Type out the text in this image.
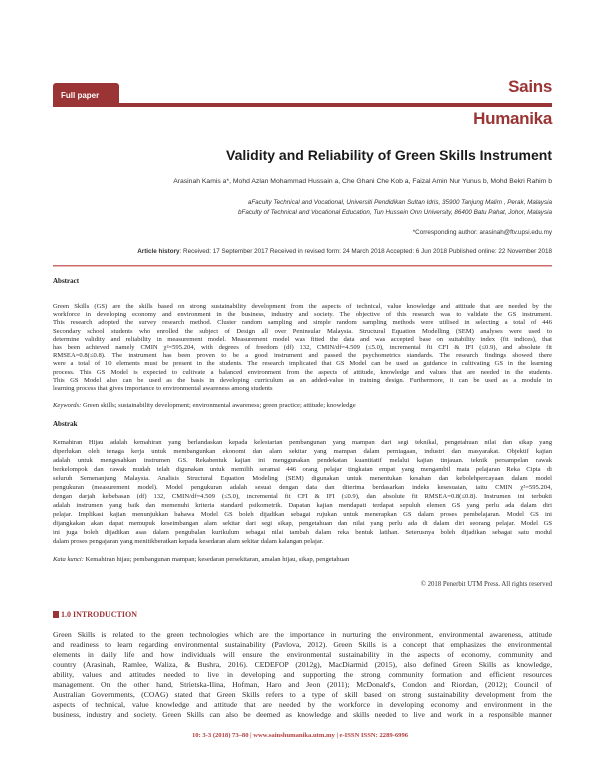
Full paper	Sains
Humanika
Validity and Reliability of Green Skills Instrument
Arasinah Kamis a*, Mohd Azlan Mohammad Hussain a, Che Ghani Che Kob a, Faizal Amin Nur Yunus b, Mohd Bekri Rahim b
aFaculty Technical and Vocational, Universiti Pendidikan Sultan Idris, 35900 Tanjung Malim , Perak, Malaysia
bFaculty of Technical and Vocational Education, Tun Hussein Onn University, 86400 Batu Pahat, Johor, Malaysia
*Corresponding author: arasinah@ftv.upsi.edu.my
Article history: Received: 17 September 2017 Received in revised form: 24 March 2018 Accepted: 6 Jun 2018 Published online: 22 November 2018
Abstract
Green Skills (GS) are the skills based on strong sustainability development from the aspects of technical, value knowledge and attitude that are needed by the
workforce in developing economy and environment in the business, industry and society. The objective of this research was to validate the GS instrument.
This research adopted the survey research method. Cluster random sampling and simple random sampling methods were utilised in selecting a total of 446
Secondary school students who enrolled the subject of Design all over Peninsular Malaysia. Structural Equation Modelling (SEM) analyses were used to
determine validity and reliability in measurement model. Measurement model was fitted the data and was accepted base on suitability index (fit indices), that
has been achieved namely CMIN χ²=595.204, with degrees of freedom (df) 132, CMIN/df=4.509 (≤5.0), incremental fit CFI & IFI (≤0.9), and absolute fit
RMSEA=0.8(≤0.8). The instrument has been proven to be a good instrument and passed the psychometrics standards. The research findings showed there
were a total of 10 elements must be present in the students. The research implicated that GS Model can be used as guidance in cultivating GS in the learning
process. This GS Model is expected to cultivate a balanced environment from the aspects of attitude, knowledge and values that are needed in the students.
This GS Model also can be used as the basis in developing curriculum as an added-value in training design. Furthermore, it can be used as a module in
learning process that gives importance to environmental awareness among students
Keywords: Green skills; sustainability development; environmental awareness; green practice; attitude; knowledge
Abstrak
Kemahiran Hijau adalah kemahiran yang berlandaskan kepada kelestarian pembangunan yang mampan dari segi teknikal, pengetahuan nilai dan sikap yang
diperlukan oleh tenaga kerja untuk membangunkan ekonomi dan alam sekitar yang mampan dalam perniagaan, industri dan masyarakat. Objektif kajian
adalah untuk mengesahkan instrumen GS. Rekabentuk kajian ini menggunakan pendekatan kuantitatif melalui kajian tinjauan. teknik persampelan rawak
berkelompok dan rawak mudah telah digunakan untuk memilih seramai 446 orang pelajar tingkatan empat yang mengambil mata pelajaran Reka Cipta di
seluruh Semenanjung Malaysia. Analisis Structural Equation Modeling (SEM) digunakan untuk menentukan kesahan dan kebolehpercayaan dalam model
pengukuran (measurement model). Model pengukuran adalah sesuai dengan data dan diterima berdasarkan indeks kesesuaian, iaitu CMIN χ²=595.204,
dengan darjah kebebasan (df) 132, CMIN/df=4.509 (≤5.0), incremental fit CFI & IFI (≤0.9), dan absolute fit RMSEA=0.8(≤0.8). Instrumen ini terbukti
adalah instrumen yang baik dan memenuhi kriteria standard psikometrik. Dapatan kajian mendapati terdapat sepuluh elemen GS yang perlu ada dalam diri
pelajar. Implikasi kajian menunjukkan bahawa Model GS boleh dijadikan sebagai rujukan untuk menerapkan GS dalam proses pembelajaran. Model GS ini
dijangkakan akan dapat memupuk keseimbangan alam sekitar dari segi sikap, pengetahuan dan nilai yang perlu ada di dalam diri seorang pelajar. Model GS
ini juga boleh dijadikan asas dalam pengubalan kurikulum sebagai nilai tambah dalam reka bentuk latihan. Seterusnya boleh dijadikan sebagai satu modul
dalam proses pengajaran yang menitikberatkan kepada kesedaran alam sekitar dalam kalangan pelajar.
Kata kunci: Kemahiran hijau; pembangunan mampan; kesedaran persekitaran, amalan hijau, sikap, pengetahuan
© 2018 Penerbit UTM Press. All rights reserved
1.0 INTRODUCTION
Green Skills is related to the green technologies which are the importance in nurturing the environment, environmental awareness, attitude
and readiness to learn regarding environmental sustainability (Pavlova, 2012). Green Skills is a concept that emphasizes the environmental
elements in daily life and how individuals will ensure the environmental sustainability in the aspects of economy, community and
country (Arasinah, Ramlee, Waliza, & Bushra, 2016). CEDEFOP (2012g), MacDiarmid (2015), also defined Green Skills as knowledge,
ability, values and attitudes needed to live in developing and supporting the strong community formation and efficient resources
management. On the other hand, Strietska-Ilina, Hofman, Haro and Jeon (2011); McDonald's, Condon and Riordan, (2012); Council of
Australian Governments, (COAG) stated that Green Skills refers to a type of skill based on strong sustainability development from the
aspects of technical, value knowledge and attitude that are needed by the workforce in developing economy and environment in the
business, industry and society. Green Skills can also be deemed as knowledge and skills needed to live and work in a responsible manner
10: 3-3 (2018) 73–80 | www.sainshumanika.utm.my | e-ISSN ISSN: 2289-6996
